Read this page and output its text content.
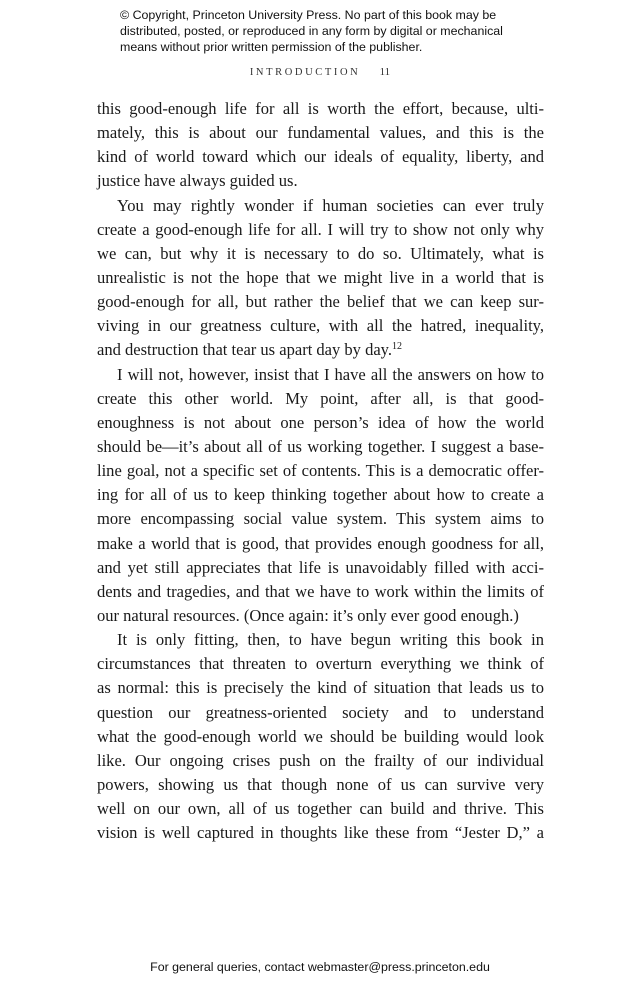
© Copyright, Princeton University Press. No part of this book may be
distributed, posted, or reproduced in any form by digital or mechanical
means without prior written permission of the publisher.
INTRODUCTION 11
this good-enough life for all is worth the effort, because, ulti-
mately, this is about our fundamental values, and this is the
kind of world toward which our ideals of equality, liberty, and
justice have always guided us.
You may rightly wonder if human societies can ever truly
create a good-enough life for all. I will try to show not only why
we can, but why it is necessary to do so. Ultimately, what is
unrealistic is not the hope that we might live in a world that is
good-enough for all, but rather the belief that we can keep sur-
viving in our greatness culture, with all the hatred, inequality,
and destruction that tear us apart day by day.$^{12}$
I will not, however, insist that I have all the answers on how to
create this other world. My point, after all, is that good-
enoughness is not about one person’s idea of how the world
should be—it’s about all of us working together. I suggest a base-
line goal, not a specific set of contents. This is a democratic offer-
ing for all of us to keep thinking together about how to create a
more encompassing social value system. This system aims to
make a world that is good, that provides enough goodness for all,
and yet still appreciates that life is unavoidably filled with acci-
dents and tragedies, and that we have to work within the limits of
our natural resources. (Once again: it’s only ever good enough.)
It is only fitting, then, to have begun writing this book in
circumstances that threaten to overturn everything we think of
as normal: this is precisely the kind of situation that leads us to
question our greatness-oriented society and to understand
what the good-enough world we should be building would look
like. Our ongoing crises push on the frailty of our individual
powers, showing us that though none of us can survive very
well on our own, all of us together can build and thrive. This
vision is well captured in thoughts like these from “Jester D,” a
For general queries, contact webmaster@press.princeton.edu
